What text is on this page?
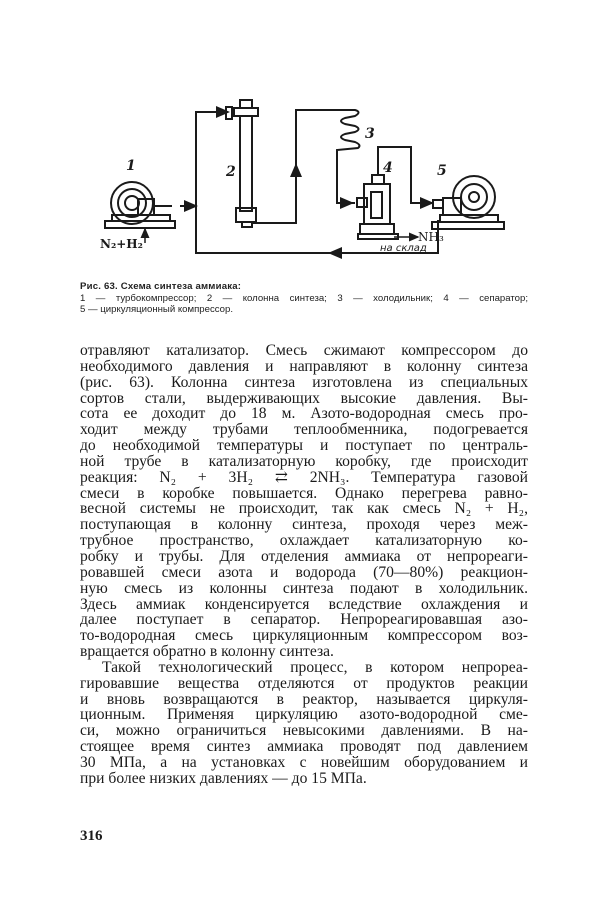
1	2
3
4	5
N₂+H₂	NH₃
на склад
Рис. 63. Схема синтеза аммиака:
1 — турбокомпрессор; 2 — колонна синтеза; 3 — холодильник; 4 — сепаратор;
5 — циркуляционный компрессор.
отравляют катализатор. Смесь сжимают компрессором до
необходимого давления и направляют в колонну синтеза
(рис. 63). Колонна синтеза изготовлена из специальных
сортов стали, выдерживающих высокие давления. Вы-
сота ее доходит до 18 м. Азото-водородная смесь про-
ходит между трубами теплообменника, подогревается
до необходимой температуры и поступает по централь-
ной трубе в катализаторную коробку, где происходит
реакция: N₂ + 3H₂ ⇄ 2NH₃. Температура газовой
смеси в коробке повышается. Однако перегрева равно-
весной системы не происходит, так как смесь N₂ + H₂,
поступающая в колонну синтеза, проходя через меж-
трубное пространство, охлаждает катализаторную ко-
робку и трубы. Для отделения аммиака от непрореаги-
ровавшей смеси азота и водорода (70—80%) реакцион-
ную смесь из колонны синтеза подают в холодильник.
Здесь аммиак конденсируется вследствие охлаждения и
далее поступает в сепаратор. Непрореагировавшая азо-
то-водородная смесь циркуляционным компрессором воз-
вращается обратно в колонну синтеза.
Такой технологический процесс, в котором непрореа-
гировавшие вещества отделяются от продуктов реакции
и вновь возвращаются в реактор, называется циркуля-
ционным. Применяя циркуляцию азото-водородной сме-
си, можно ограничиться невысокими давлениями. В на-
стоящее время синтез аммиака проводят под давлением
30 МПа, а на установках с новейшим оборудованием и
при более низких давлениях — до 15 МПа.
316
